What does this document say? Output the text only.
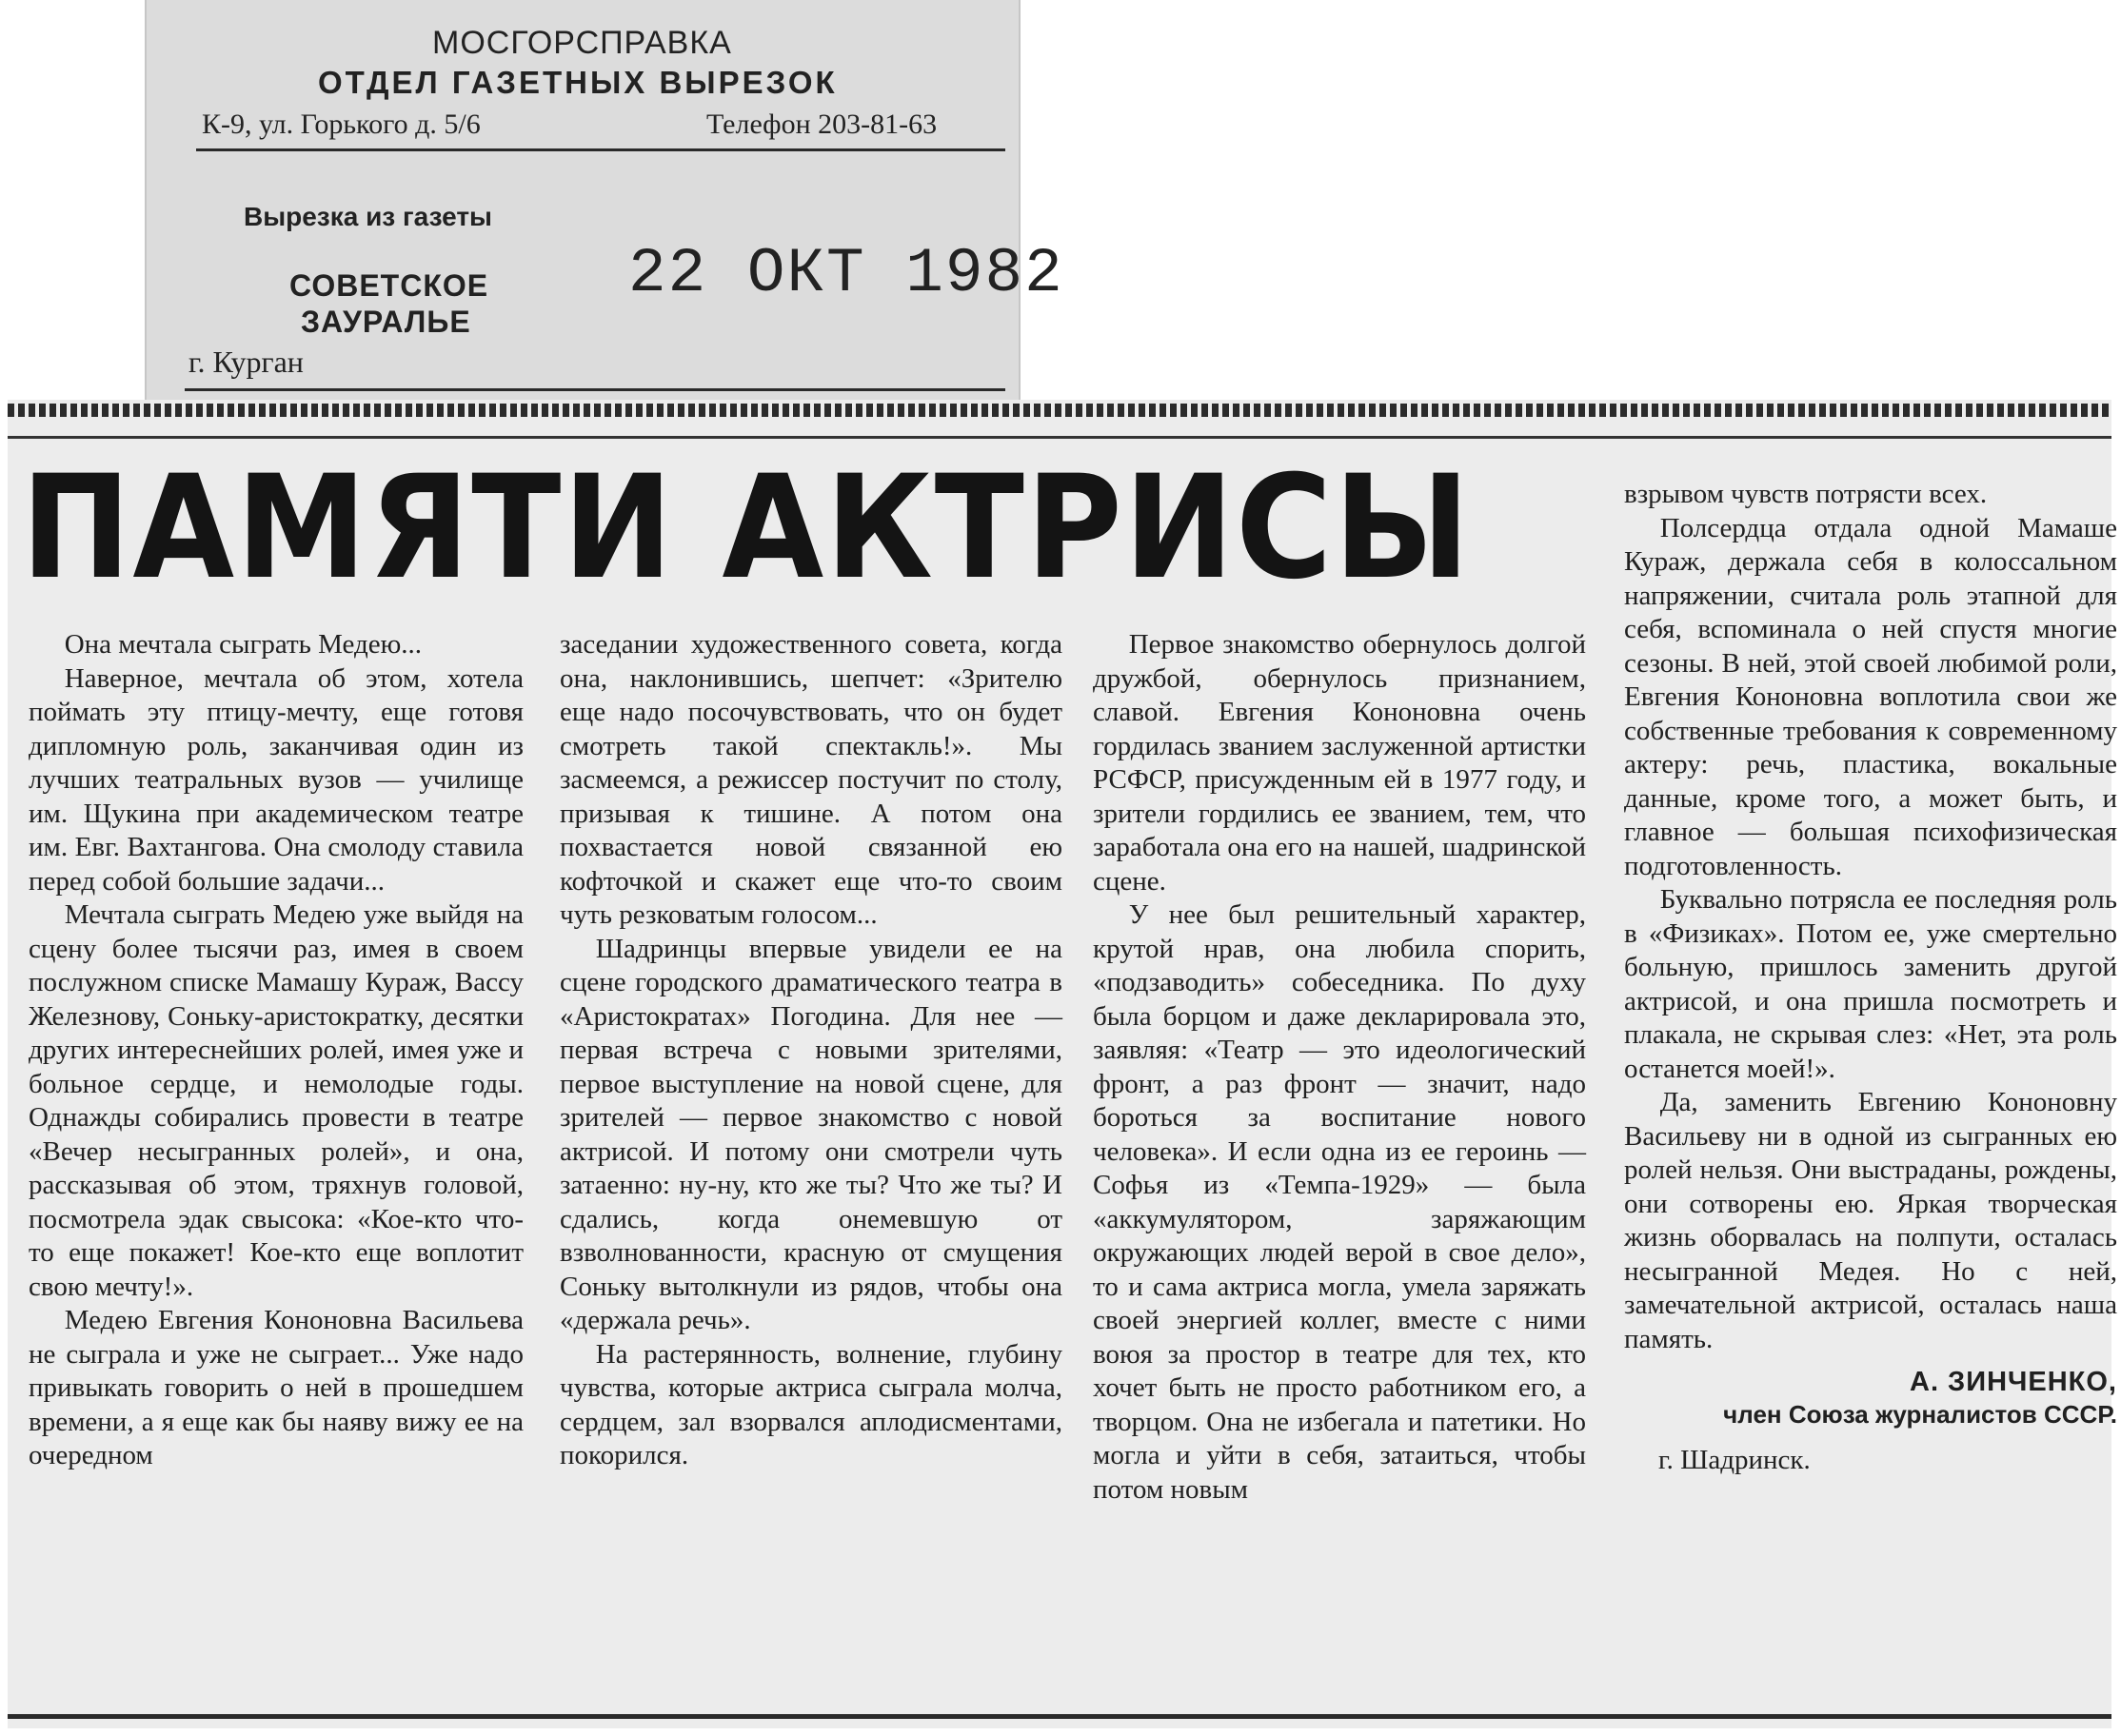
МОСГОРСПРАВКА
ОТДЕЛ ГАЗЕТНЫХ ВЫРЕЗОК
К-9, ул. Горького д. 5/6	Телефон 203-81-63
Вырезка из газеты
22 ОКТ 1982
СОВЕТСКОЕ
ЗАУРАЛЬЕ
г. Курган
ПАМЯТИ АКТРИСЫ

Она мечтала сыграть Медею...

Наверное, мечтала об этом, хотела поймать эту птицу-мечту, еще готовя дипломную роль, заканчивая один из лучших театральных вузов — училище им. Щукина при академическом театре им. Евг. Вахтангова. Она смолоду ставила перед собой большие задачи...

Мечтала сыграть Медею уже выйдя на сцену более тысячи раз, имея в своем послужном списке Мамашу Кураж, Вассу Железнову, Соньку-аристократку, десятки других интереснейших ролей, имея уже и больное сердце, и немолодые годы. Однажды собирались провести в театре «Вечер несыгранных ролей», и она, рассказывая об этом, тряхнув головой, посмотрела эдак свысока: «Кое-кто что-то еще покажет! Кое-кто еще воплотит свою мечту!».

Медею Евгения Кононовна Васильева не сыграла и уже не сыграет... Уже надо привыкать говорить о ней в прошедшем времени, а я еще как бы наяву вижу ее на очередном

заседании художественного совета, когда она, наклонившись, шепчет: «Зрителю еще надо посочувствовать, что он будет смотреть такой спектакль!». Мы засмеемся, а режиссер постучит по столу, призывая к тишине. А потом она похвастается новой связанной ею кофточкой и скажет еще что-то своим чуть резковатым голосом...

Шадринцы впервые увидели ее на сцене городского драматического театра в «Аристократах» Погодина. Для нее — первая встреча с новыми зрителями, первое выступление на новой сцене, для зрителей — первое знакомство с новой актрисой. И потому они смотрели чуть затаенно: ну-ну, кто же ты? Что же ты? И сдались, когда онемевшую от взволнованности, красную от смущения Соньку вытолкнули из рядов, чтобы она «держала речь».

На растерянность, волнение, глубину чувства, которые актриса сыграла молча, сердцем, зал взорвался аплодисментами, покорился.

Первое знакомство обернулось долгой дружбой, обернулось признанием, славой. Евгения Кононовна очень гордилась званием заслуженной артистки РСФСР, присужденным ей в 1977 году, и зрители гордились ее званием, тем, что заработала она его на нашей, шадринской сцене.

У нее был решительный характер, крутой нрав, она любила спорить, «подзаводить» собеседника. По духу была борцом и даже декларировала это, заявляя: «Театр — это идеологический фронт, а раз фронт — значит, надо бороться за воспитание нового человека». И если одна из ее героинь — Софья из «Темпа-1929» — была «аккумулятором, заряжающим окружающих людей верой в свое дело», то и сама актриса могла, умела заряжать своей энергией коллег, вместе с ними воюя за простор в театре для тех, кто хочет быть не просто работником его, а творцом. Она не избегала и патетики. Но могла и уйти в себя, затаиться, чтобы потом новым

взрывом чувств потрясти всех.

Полсердца отдала одной Мамаше Кураж, держала себя в колоссальном напряжении, считала роль этапной для себя, вспоминала о ней спустя многие сезоны. В ней, этой своей любимой роли, Евгения Кононовна воплотила свои же собственные требования к современному актеру: речь, пластика, вокальные данные, кроме того, а может быть, и главное — большая психофизическая подготовленность.

Буквально потрясла ее последняя роль в «Физиках». Потом ее, уже смертельно больную, пришлось заменить другой актрисой, и она пришла посмотреть и плакала, не скрывая слез: «Нет, эта роль останется моей!».

Да, заменить Евгению Кононовну Васильеву ни в одной из сыгранных ею ролей нельзя. Они выстраданы, рождены, они сотворены ею. Яркая творческая жизнь оборвалась на полпути, осталась несыгранной Медея. Но с ней, замечательной актрисой, осталась наша память.

А. ЗИНЧЕНКО,
член Союза журналистов СССР.
г. Шадринск.
